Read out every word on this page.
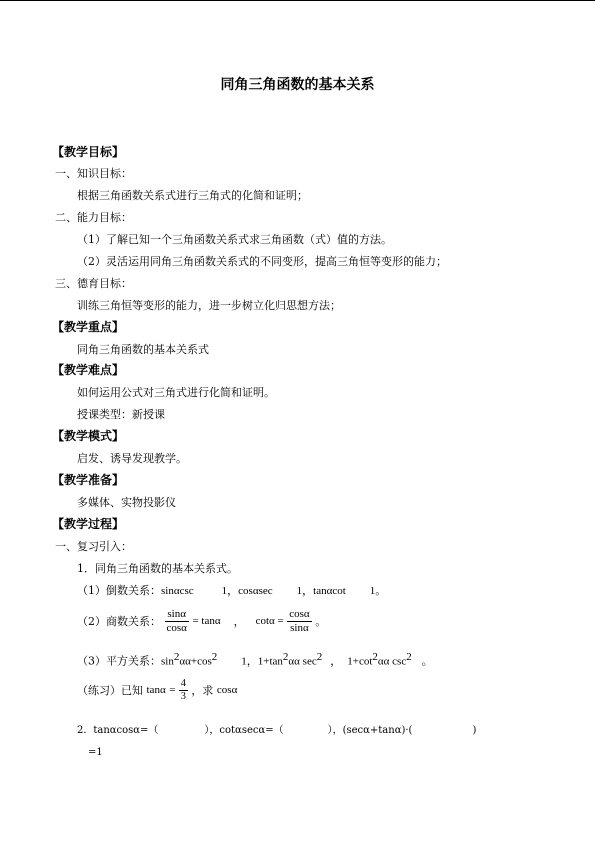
同角三角函数的基本关系
【教学目标】
一、知识目标：
根据三角函数关系式进行三角式的化简和证明；
二、能力目标：
（1）了解已知一个三角函数关系式求三角函数（式）值的方法。
（2）灵活运用同角三角函数关系式的不同变形，提高三角恒等变形的能力；
三、德育目标：
训练三角恒等变形的能力，进一步树立化归思想方法；
【教学重点】
同角三角函数的基本关系式
【教学难点】
如何运用公式对三角式进行化简和证明。
授课类型：新授课
【教学模式】
启发、诱导发现教学。
【教学准备】
多媒体、实物投影仪
【教学过程】
一、复习引入：
1．同角三角函数的基本关系式。
（1）倒数关系：sinαcsc	1，cosαsec 1，tanαcot 1。
（2）商数关系： $\frac{\sin\alpha}{\cos\alpha} = \tan\alpha$ ， $\cot\alpha = \frac{\cos\alpha}{\sin\alpha}$ 。
（3）平方关系：$\sin^2\alpha\alpha+\cos^2$ 1，$1+\tan^2\alpha\alpha$ $\sec^2$ ， $1+\cot^2\alpha\alpha$ $\csc^2$ 。
（练习）已知 $\tan\alpha = \frac{4}{3}$ ，求 cosα
2．tanαcosα=（	），cotαsecα=（	），(secα+tanα)·(	)
=1
